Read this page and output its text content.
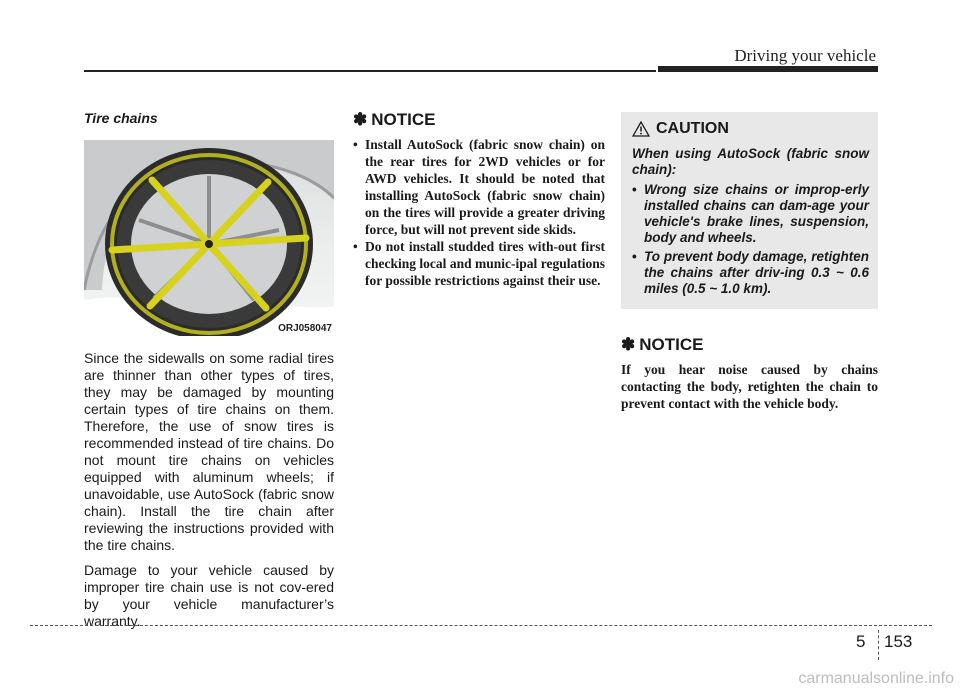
Driving your vehicle
Tire chains
ORJ058047

Since the sidewalls on some radial tires are thinner than other types of tires, they may be damaged by mounting certain types of tire chains on them. Therefore, the use of snow tires is recommended instead of tire chains. Do not mount tire chains on vehicles equipped with aluminum wheels; if unavoidable, use AutoSock (fabric snow chain). Install the tire chain after reviewing the instructions provided with the tire chains.

Damage to your vehicle caused by improper tire chain use is not cov-ered by your vehicle manufacturer’s warranty.

✽ NOTICE
• Install AutoSock (fabric snow chain) on the rear tires for 2WD vehicles or for AWD vehicles. It should be noted that installing AutoSock (fabric snow chain) on the tires will provide a greater driving force, but will not prevent side skids.
• Do not install studded tires with-out first checking local and munic-ipal regulations for possible restrictions against their use.
CAUTION
When using AutoSock (fabric snow chain):
• Wrong size chains or improp-erly installed chains can dam-age your vehicle's brake lines, suspension, body and wheels.
• To prevent body damage, retighten the chains after driv-ing 0.3 ~ 0.6 miles (0.5 ~ 1.0 km).
✽ NOTICE
If you hear noise caused by chains contacting the body, retighten the chain to prevent contact with the vehicle body.
5 153
carmanualsonline.info
